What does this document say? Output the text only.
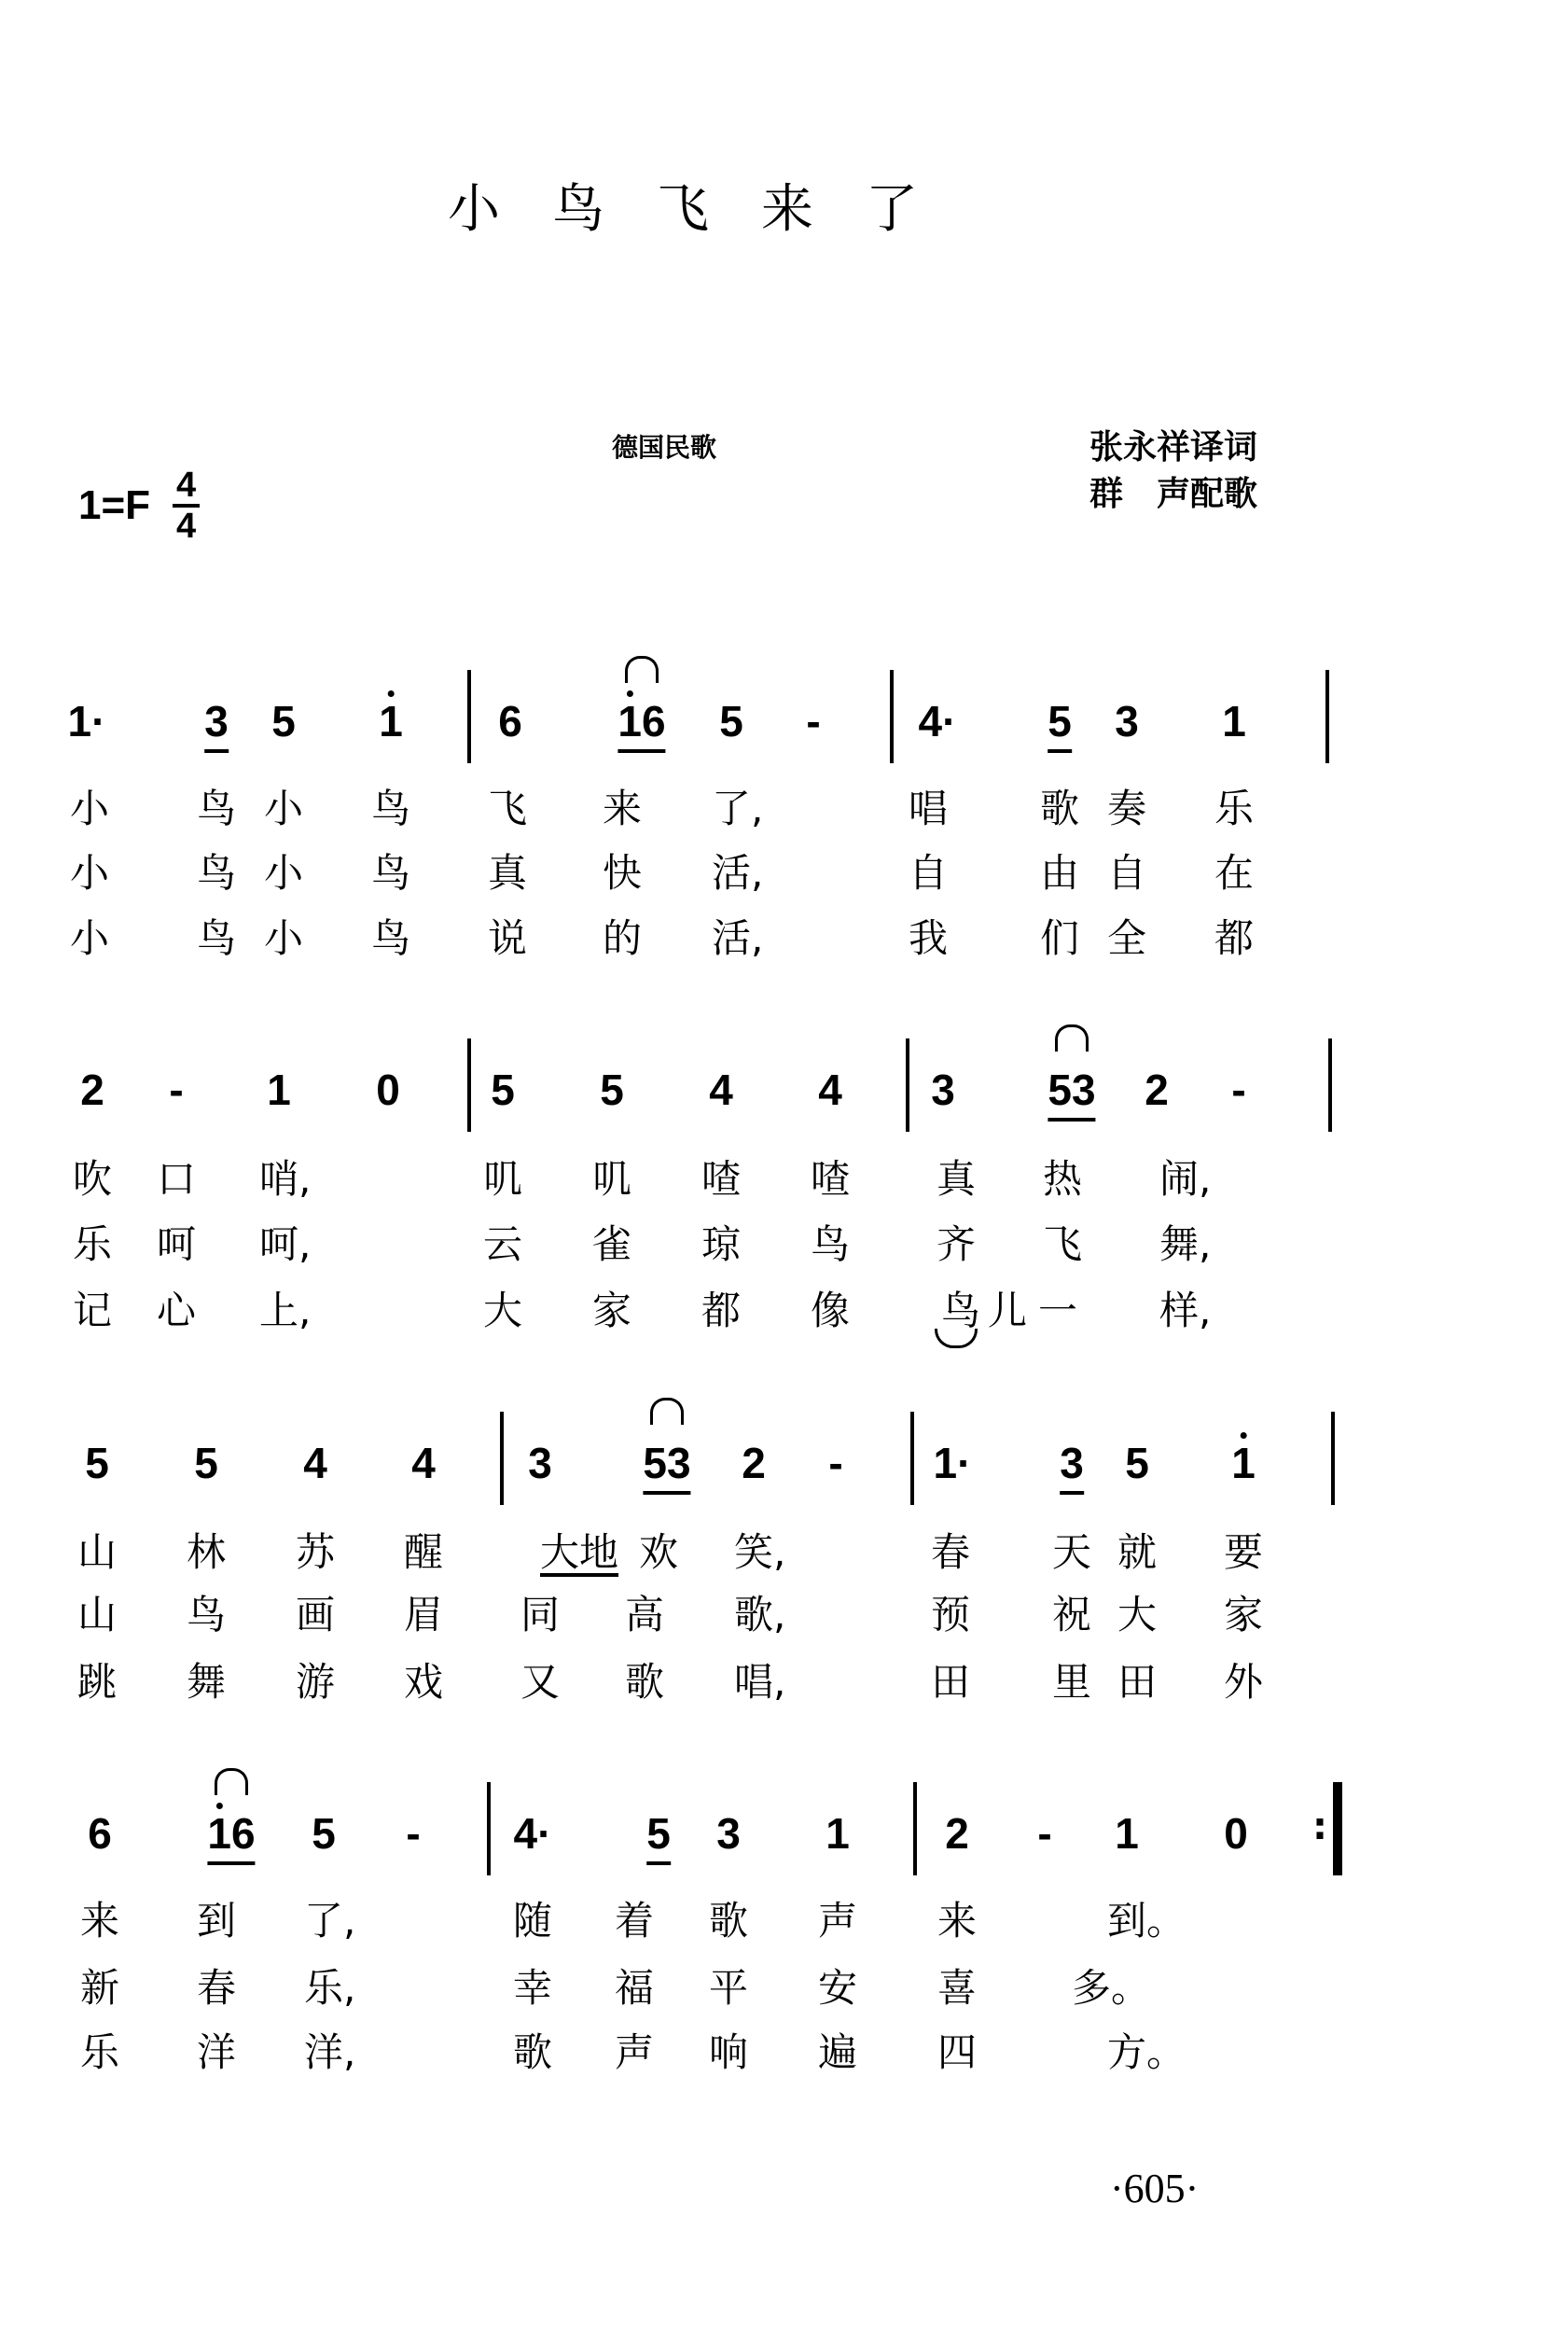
小鸟飞来了
德国民歌	张永祥译词
群　声配歌
$1=F \frac{4}{4}$
1· 3 5 1 6 16 5 - 4· 5 3 1
小 鸟 小 鸟 飞 来 了,	唱 歌 奏 乐
小 鸟 小 鸟 真 快 活,	自 由 自 在
小 鸟 小 鸟 说 的 活,	我 们 全 都
2 - 1 0 5 5 4 4 3 53 2 -
吹 口 哨,	叽 叽 喳 喳 真 热 闹,
乐 呵 呵,	云 雀 琼 鸟 齐 飞 舞,
记 心 上,	大 家 都 像 鸟 儿 一 样,
5 5 4 4 3 53 2 - 1· 3 5 1
山 林 苏 醒 大地 欢 笑,	春 天 就 要
山 鸟 画 眉 同 高 歌,	预 祝 大 家
跳 舞 游 戏 又 歌 唱,	田 里 田 外
6 16 5 - 4· 5 3 1 2 - 1 0 :
来 到 了,	随 着 歌 声 来	到。
新 春 乐,	幸 福 平 安 喜 多。
乐 洋 洋,	歌 声 响 遍 四	方。
·605·
